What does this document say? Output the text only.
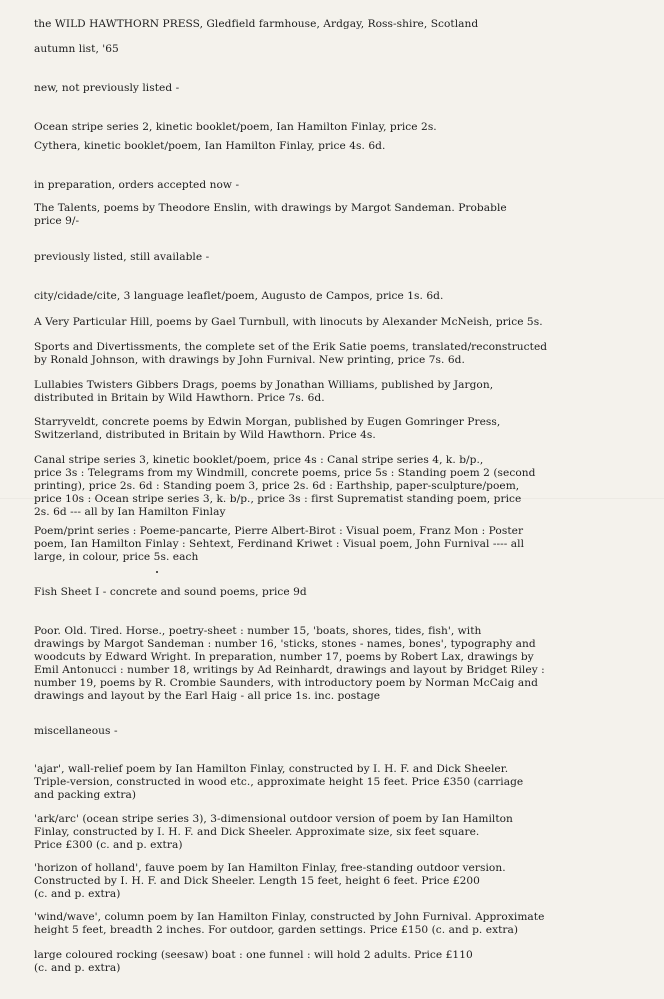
the WILD HAWTHORN PRESS, Gledfield farmhouse, Ardgay, Ross-shire, Scotland
autumn list, '65
new, not previously listed -
Ocean stripe series 2, kinetic booklet/poem, Ian Hamilton Finlay, price 2s.
Cythera, kinetic booklet/poem, Ian Hamilton Finlay, price 4s. 6d.
in preparation, orders accepted now -
The Talents, poems by Theodore Enslin, with drawings by Margot Sandeman. Probable
price 9/-
previously listed, still available -
city/cidade/cite, 3 language leaflet/poem, Augusto de Campos, price 1s. 6d.
A Very Particular Hill, poems by Gael Turnbull, with linocuts by Alexander McNeish, price 5s.
Sports and Divertissments, the complete set of the Erik Satie poems, translated/reconstructed
by Ronald Johnson, with drawings by John Furnival. New printing, price 7s. 6d.
Lullabies Twisters Gibbers Drags, poems by Jonathan Williams, published by Jargon,
distributed in Britain by Wild Hawthorn. Price 7s. 6d.
Starryveldt, concrete poems by Edwin Morgan, published by Eugen Gomringer Press,
Switzerland, distributed in Britain by Wild Hawthorn. Price 4s.
Canal stripe series 3, kinetic booklet/poem, price 4s : Canal stripe series 4, k. b/p.,
price 3s : Telegrams from my Windmill, concrete poems, price 5s : Standing poem 2 (second
printing), price 2s. 6d : Standing poem 3, price 2s. 6d : Earthship, paper-sculpture/poem,
price 10s : Ocean stripe series 3, k. b/p., price 3s : first Suprematist standing poem, price
2s. 6d --- all by Ian Hamilton Finlay
Poem/print series : Poeme-pancarte, Pierre Albert-Birot : Visual poem, Franz Mon : Poster
poem, Ian Hamilton Finlay : Sehtext, Ferdinand Kriwet : Visual poem, John Furnival ---- all
large, in colour, price 5s. each
Fish Sheet I - concrete and sound poems, price 9d
Poor. Old. Tired. Horse., poetry-sheet : number 15, 'boats, shores, tides, fish', with
drawings by Margot Sandeman : number 16, 'sticks, stones - names, bones', typography and
woodcuts by Edward Wright. In preparation, number 17, poems by Robert Lax, drawings by
Emil Antonucci : number 18, writings by Ad Reinhardt, drawings and layout by Bridget Riley :
number 19, poems by R. Crombie Saunders, with introductory poem by Norman McCaig and
drawings and layout by the Earl Haig - all price 1s. inc. postage
miscellaneous -
'ajar', wall-relief poem by Ian Hamilton Finlay, constructed by I. H. F. and Dick Sheeler.
Triple-version, constructed in wood etc., approximate height 15 feet. Price £350 (carriage
and packing extra)
'ark/arc' (ocean stripe series 3), 3-dimensional outdoor version of poem by Ian Hamilton
Finlay, constructed by I. H. F. and Dick Sheeler. Approximate size, six feet square.
Price £300 (c. and p. extra)
'horizon of holland', fauve poem by Ian Hamilton Finlay, free-standing outdoor version.
Constructed by I. H. F. and Dick Sheeler. Length 15 feet, height 6 feet. Price £200
(c. and p. extra)
'wind/wave', column poem by Ian Hamilton Finlay, constructed by John Furnival. Approximate
height 5 feet, breadth 2 inches. For outdoor, garden settings. Price £150 (c. and p. extra)
large coloured rocking (seesaw) boat : one funnel : will hold 2 adults. Price £110
(c. and p. extra)
